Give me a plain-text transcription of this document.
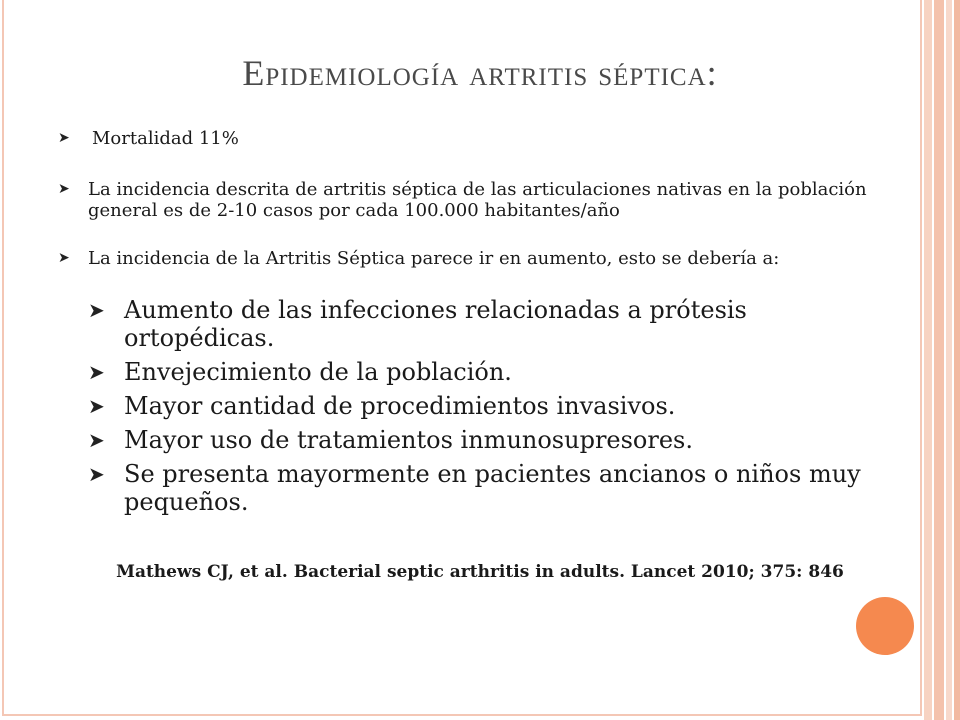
Epidemiología artritis séptica:
➤ Mortalidad 11%
➤ La incidencia descrita de artritis séptica de las articulaciones nativas en la población general es de 2-10 casos por cada 100.000 habitantes/año
➤ La incidencia de la Artritis Séptica parece ir en aumento, esto se debería a:
➤ Aumento de las infecciones relacionadas a prótesis ortopédicas.
➤ Envejecimiento de la población.
➤ Mayor cantidad de procedimientos invasivos.
➤ Mayor uso de tratamientos inmunosupresores.
➤ Se presenta mayormente en pacientes ancianos o niños muy pequeños.
Mathews CJ, et al. Bacterial septic arthritis in adults. Lancet 2010; 375: 846
